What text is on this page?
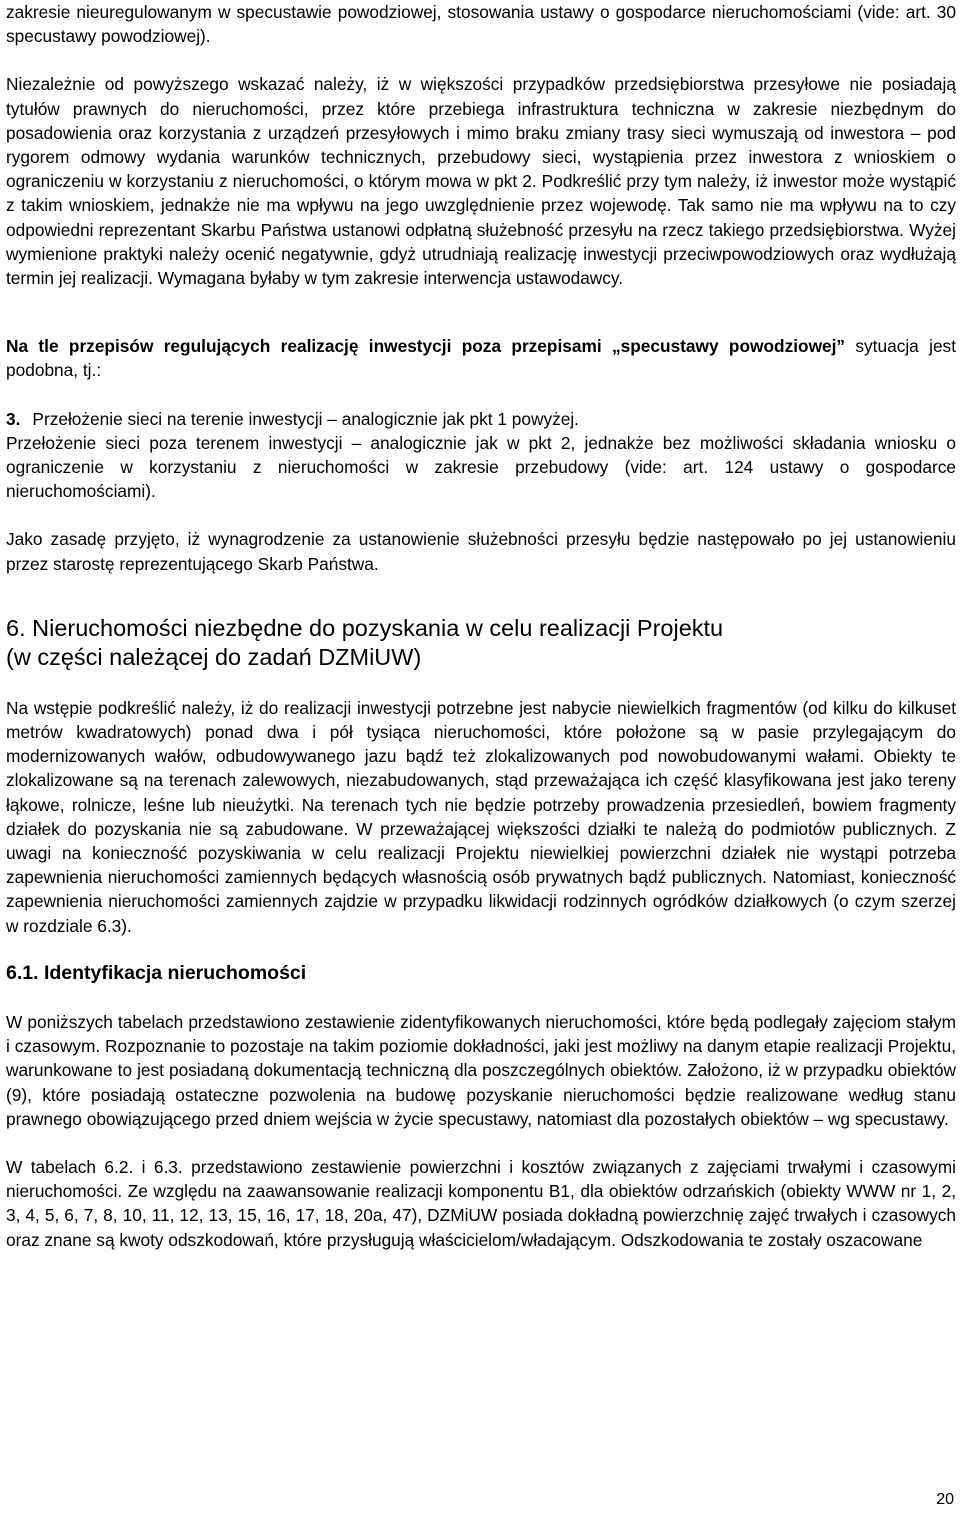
zakresie nieuregulowanym w specustawie powodziowej, stosowania ustawy o gospodarce nieruchomościami (vide: art. 30 specustawy powodziowej).

Niezależnie od powyższego wskazać należy, iż w większości przypadków przedsiębiorstwa przesyłowe nie posiadają tytułów prawnych do nieruchomości, przez które przebiega infrastruktura techniczna w zakresie niezbędnym do posadowienia oraz korzystania z urządzeń przesyłowych i mimo braku zmiany trasy sieci wymuszają od inwestora – pod rygorem odmowy wydania warunków technicznych, przebudowy sieci, wystąpienia przez inwestora z wnioskiem o ograniczeniu w korzystaniu z nieruchomości, o którym mowa w pkt 2. Podkreślić przy tym należy, iż inwestor może wystąpić z takim wnioskiem, jednakże nie ma wpływu na jego uwzględnienie przez wojewodę. Tak samo nie ma wpływu na to czy odpowiedni reprezentant Skarbu Państwa ustanowi odpłatną służebność przesyłu na rzecz takiego przedsiębiorstwa. Wyżej wymienione praktyki należy ocenić negatywnie, gdyż utrudniają realizację inwestycji przeciwpowodziowych oraz wydłużają termin jej realizacji. Wymagana byłaby w tym zakresie interwencja ustawodawcy.

Na tle przepisów regulujących realizację inwestycji poza przepisami „specustawy powodziowej” sytuacja jest podobna, tj.:

3. Przełożenie sieci na terenie inwestycji – analogicznie jak pkt 1 powyżej.

Przełożenie sieci poza terenem inwestycji – analogicznie jak w pkt 2, jednakże bez możliwości składania wniosku o ograniczenie w korzystaniu z nieruchomości w zakresie przebudowy (vide: art. 124 ustawy o gospodarce nieruchomościami).

Jako zasadę przyjęto, iż wynagrodzenie za ustanowienie służebności przesyłu będzie następowało po jej ustanowieniu przez starostę reprezentującego Skarb Państwa.

6. Nieruchomości niezbędne do pozyskania w celu realizacji Projektu
(w części należącej do zadań DZMiUW)

Na wstępie podkreślić należy, iż do realizacji inwestycji potrzebne jest nabycie niewielkich fragmentów (od kilku do kilkuset metrów kwadratowych) ponad dwa i pół tysiąca nieruchomości, które położone są w pasie przylegającym do modernizowanych wałów, odbudowywanego jazu bądź też zlokalizowanych pod nowobudowanymi wałami. Obiekty te zlokalizowane są na terenach zalewowych, niezabudowanych, stąd przeważająca ich część klasyfikowana jest jako tereny łąkowe, rolnicze, leśne lub nieużytki. Na terenach tych nie będzie potrzeby prowadzenia przesiedleń, bowiem fragmenty działek do pozyskania nie są zabudowane. W przeważającej większości działki te należą do podmiotów publicznych. Z uwagi na konieczność pozyskiwania w celu realizacji Projektu niewielkiej powierzchni działek nie wystąpi potrzeba zapewnienia nieruchomości zamiennych będących własnością osób prywatnych bądź publicznych. Natomiast, konieczność zapewnienia nieruchomości zamiennych zajdzie w przypadku likwidacji rodzinnych ogródków działkowych (o czym szerzej w rozdziale 6.3).

6.1. Identyfikacja nieruchomości

W poniższych tabelach przedstawiono zestawienie zidentyfikowanych nieruchomości, które będą podlegały zajęciom stałym i czasowym. Rozpoznanie to pozostaje na takim poziomie dokładności, jaki jest możliwy na danym etapie realizacji Projektu, warunkowane to jest posiadaną dokumentacją techniczną dla poszczególnych obiektów. Założono, iż w przypadku obiektów (9), które posiadają ostateczne pozwolenia na budowę pozyskanie nieruchomości będzie realizowane według stanu prawnego obowiązującego przed dniem wejścia w życie specustawy, natomiast dla pozostałych obiektów – wg specustawy.

W tabelach 6.2. i 6.3. przedstawiono zestawienie powierzchni i kosztów związanych z zajęciami trwałymi i czasowymi nieruchomości. Ze względu na zaawansowanie realizacji komponentu B1, dla obiektów odrzańskich (obiekty WWW nr 1, 2, 3, 4, 5, 6, 7, 8, 10, 11, 12, 13, 15, 16, 17, 18, 20a, 47), DZMiUW posiada dokładną powierzchnię zajęć trwałych i czasowych oraz znane są kwoty odszkodowań, które przysługują właścicielom/władającym. Odszkodowania te zostały oszacowane

20
